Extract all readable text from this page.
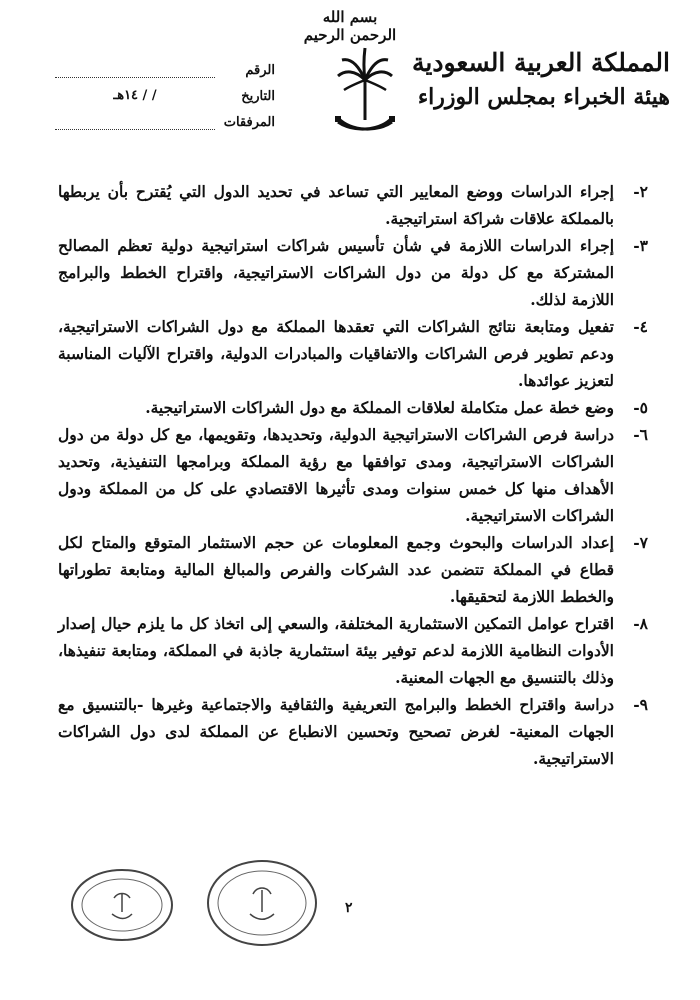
بسم الله الرحمن الرحيم
المملكة العربية السعودية
هيئة الخبراء بمجلس الوزراء
الرقم
التاريخ
/ / ١٤هـ
المرفقات
٢-
إجراء الدراسات ووضع المعايير التي تساعد في تحديد الدول التي يُقترح بأن يربطها بالمملكة علاقات شراكة استراتيجية.
٣-
إجراء الدراسات اللازمة في شأن تأسيس شراكات استراتيجية دولية تعظم المصالح المشتركة مع كل دولة من دول الشراكات الاستراتيجية، واقتراح الخطط والبرامج اللازمة لذلك.
٤-
تفعيل ومتابعة نتائج الشراكات التي تعقدها المملكة مع دول الشراكات الاستراتيجية، ودعم تطوير فرص الشراكات والاتفاقيات والمبادرات الدولية، واقتراح الآليات المناسبة لتعزيز عوائدها.
٥-
وضع خطة عمل متكاملة لعلاقات المملكة مع دول الشراكات الاستراتيجية.
٦-
دراسة فرص الشراكات الاستراتيجية الدولية، وتحديدها، وتقويمها، مع كل دولة من دول الشراكات الاستراتيجية، ومدى توافقها مع رؤية المملكة وبرامجها التنفيذية، وتحديد الأهداف منها كل خمس سنوات ومدى تأثيرها الاقتصادي على كل من المملكة ودول الشراكات الاستراتيجية.
٧-
إعداد الدراسات والبحوث وجمع المعلومات عن حجم الاستثمار المتوقع والمتاح لكل قطاع في المملكة تتضمن عدد الشركات والفرص والمبالغ المالية ومتابعة تطوراتها والخطط اللازمة لتحقيقها.
٨-
اقتراح عوامل التمكين الاستثمارية المختلفة، والسعي إلى اتخاذ كل ما يلزم حيال إصدار الأدوات النظامية اللازمة لدعم توفير بيئة استثمارية جاذبة في المملكة، ومتابعة تنفيذها، وذلك بالتنسيق مع الجهات المعنية.
٩-
دراسة واقتراح الخطط والبرامج التعريفية والثقافية والاجتماعية وغيرها -بالتنسيق مع الجهات المعنية- لغرض تصحيح وتحسين الانطباع عن المملكة لدى دول الشراكات الاستراتيجية.
٢
